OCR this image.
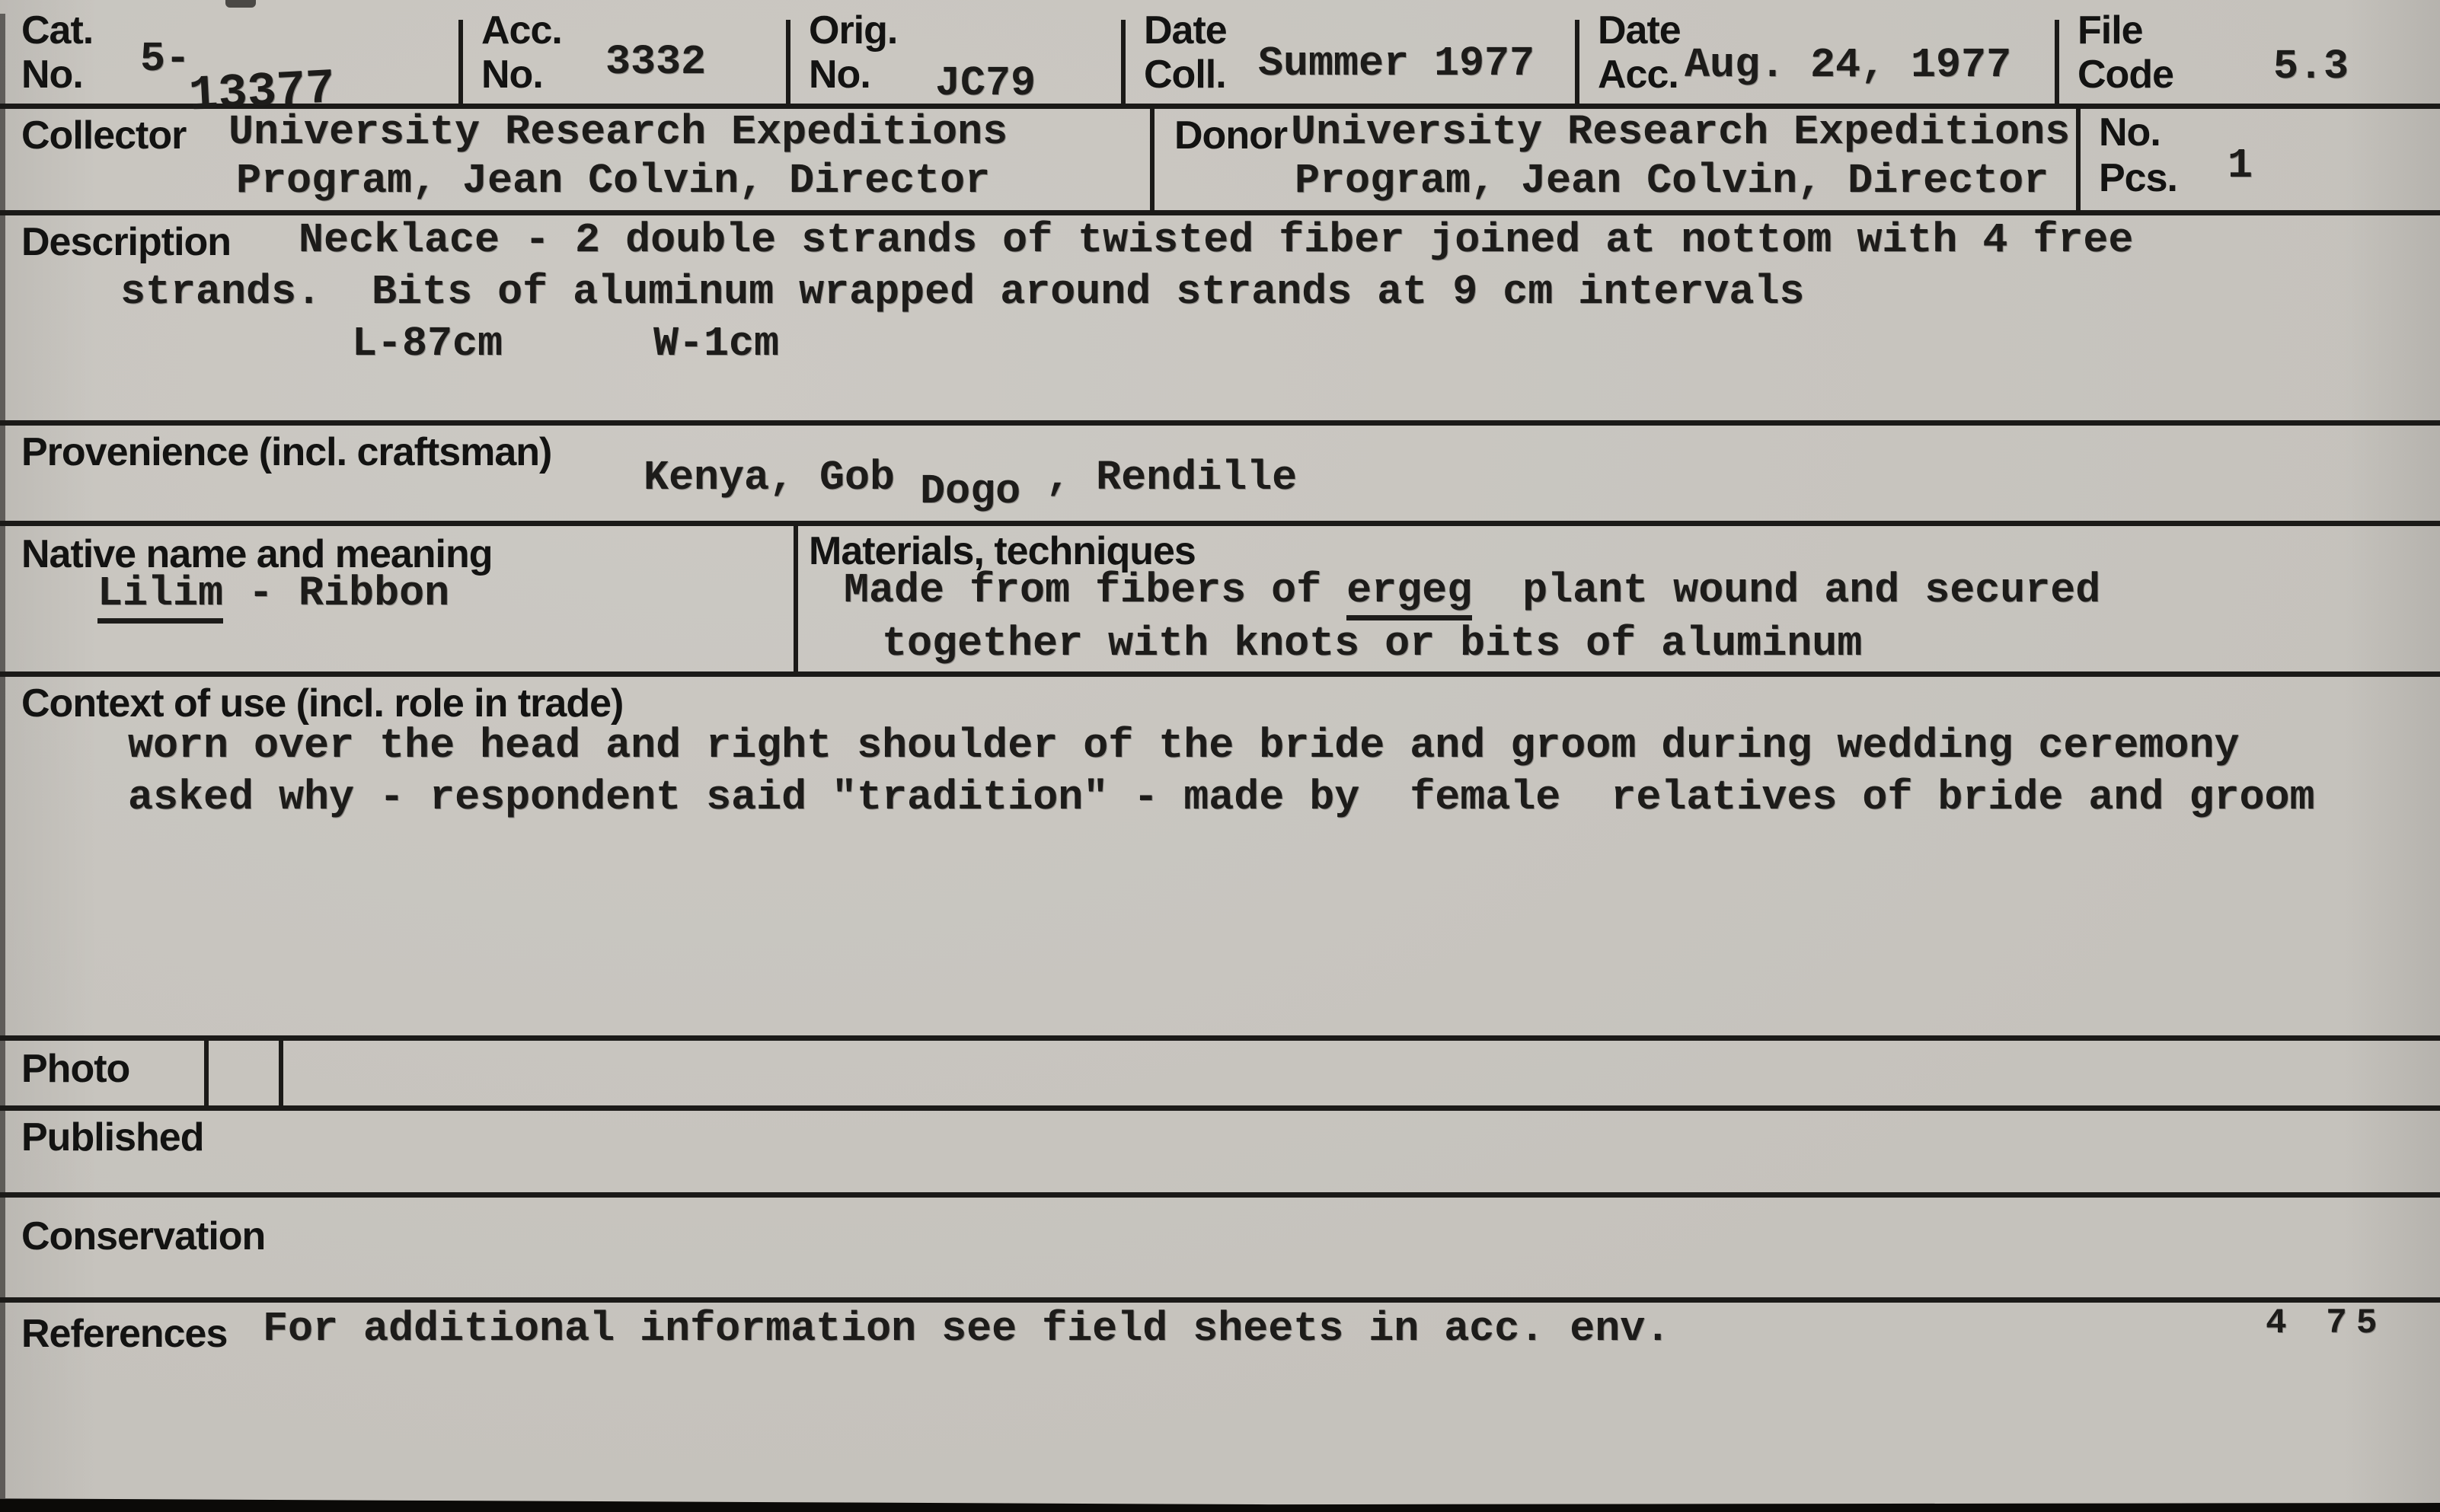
Cat.
No. 5-
13377
Acc.
No. 3332
Orig.
No. JC79
Date
Coll. Summer 1977
Date
Acc. Aug. 24, 1977
File
Code 5.3
Collector University Research Expeditions
Program, Jean Colvin, Director
Donor University Research Expeditions
Program, Jean Colvin, Director
No.
Pcs. 1
Description Necklace - 2 double strands of twisted fiber joined at nottom with 4 free
strands.  Bits of aluminum wrapped around strands at 9 cm intervals
L-87cm	W-1cm
Provenience (incl. craftsman)
Kenya, Gob Dogo , Rendille
Native name and meaning
Lilim - Ribbon
Materials, techniques
Made from fibers of ergeg  plant wound and secured
together with knots or bits of aluminum
Context of use (incl. role in trade)
worn over the head and right shoulder of the bride and groom during wedding ceremony
asked why - respondent said "tradition" - made by  female  relatives of bride and groom
Photo
Published
Conservation
References For additional information see field sheets in acc. env.	4 75
